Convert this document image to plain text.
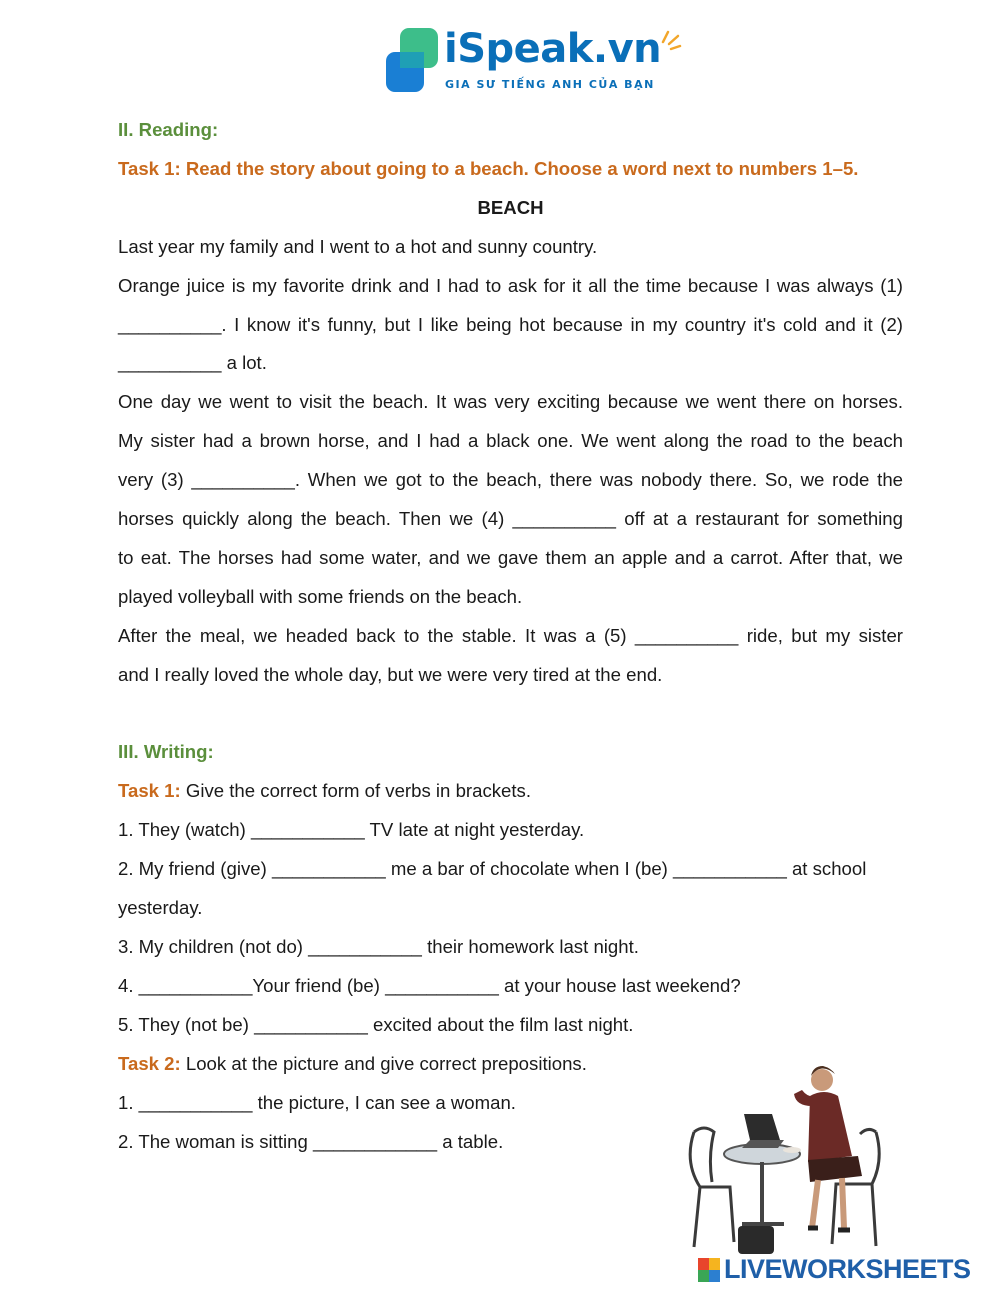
iSpeak.vn
GIA SƯ TIẾNG ANH CỦA BẠN

II. Reading:

Task 1: Read the story about going to a beach. Choose a word next to numbers 1–5.

BEACH

Last year my family and I went to a hot and sunny country.

Orange juice is my favorite drink and I had to ask for it all the time because I was always (1)

__________. I know it's funny, but I like being hot because in my country it's cold and it (2)

__________ a lot.

One day we went to visit the beach. It was very exciting because we went there on horses.

My sister had a brown horse, and I had a black one. We went along the road to the beach

very (3) __________. When we got to the beach, there was nobody there. So, we rode the

horses quickly along the beach. Then we (4) __________ off at a restaurant for something

to eat. The horses had some water, and we gave them an apple and a carrot. After that, we

played volleyball with some friends on the beach.

After the meal, we headed back to the stable. It was a (5) __________ ride, but my sister

and I really loved the whole day, but we were very tired at the end.

III. Writing:

Task 1: Give the correct form of verbs in brackets.

1. They (watch) ___________ TV late at night yesterday.

2. My friend (give) ___________ me a bar of chocolate when I (be) ___________ at school

yesterday.

3. My children (not do) ___________ their homework last night.

4. ___________Your friend (be) ___________ at your house last weekend?

5. They (not be) ___________ excited about the film last night.

Task 2: Look at the picture and give correct prepositions.

1. ___________ the picture, I can see a woman.

2. The woman is sitting ____________ a table.

LIVEWORKSHEETS
